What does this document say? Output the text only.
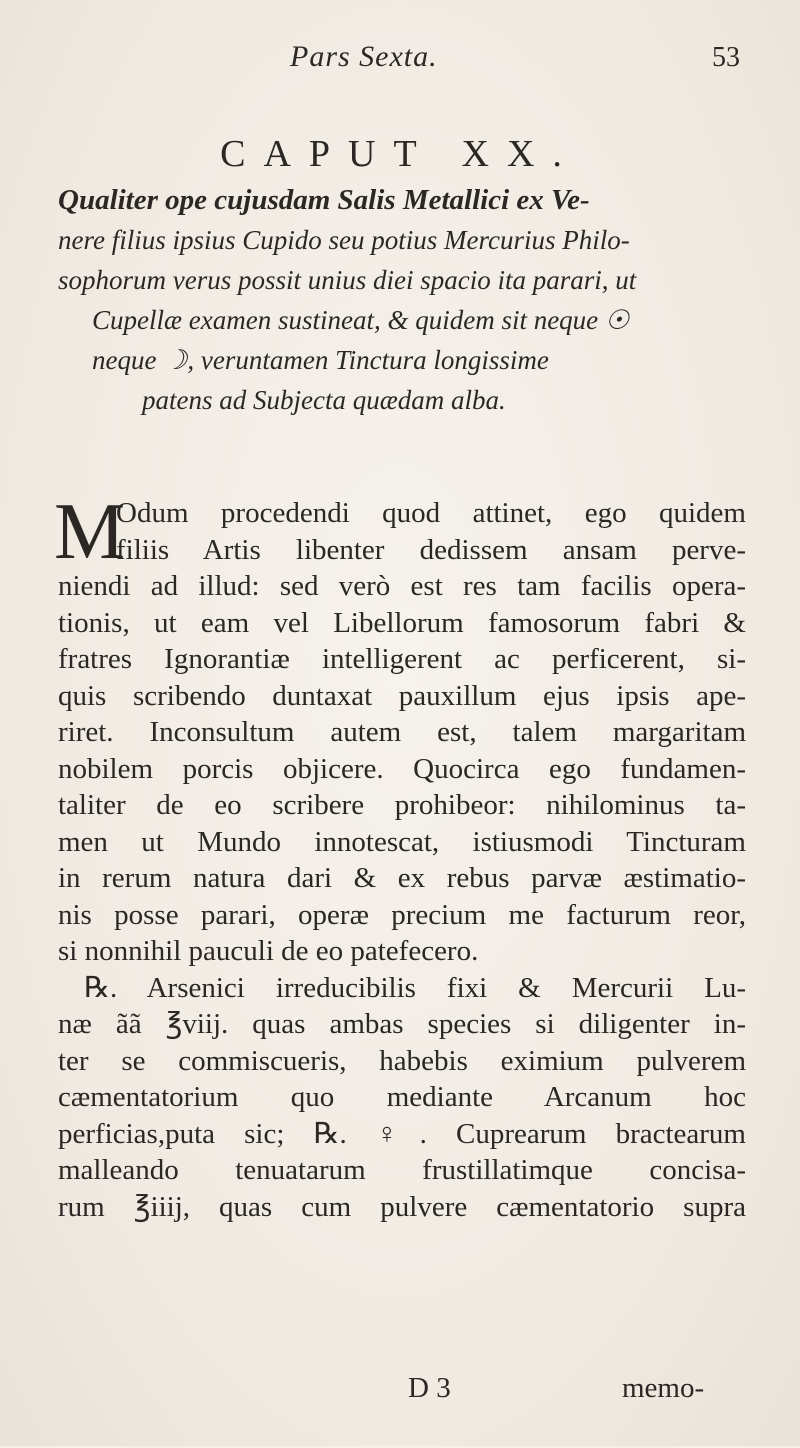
Pars Sexta.	53
CAPUT XX.
Qualiter ope cujusdam Salis Metallici ex Ve-
nere filius ipsius Cupido seu potius Mercurius Philo-
sophorum verus possit unius diei spacio ita parari, ut
Cupellæ examen sustineat, & quidem sit neque ☉
neque ☽, veruntamen Tinctura longissime
patens ad Subjecta quædam alba.
M
Odum procedendi quod attinet, ego quidem
filiis Artis libenter dedissem ansam perve-
niendi ad illud: sed verò est res tam facilis opera-
tionis, ut eam vel Libellorum famosorum fabri &
fratres Ignorantiæ intelligerent ac perficerent, si-
quis scribendo duntaxat pauxillum ejus ipsis ape-
riret. Inconsultum autem est, talem margaritam
nobilem porcis objicere. Quocirca ego fundamen-
taliter de eo scribere prohibeor: nihilominus ta-
men ut Mundo innotescat, istiusmodi Tincturam
in rerum natura dari & ex rebus parvæ æstimatio-
nis posse parari, operæ precium me facturum reor,
si nonnihil pauculi de eo patefecero.
℞. Arsenici irreducibilis fixi & Mercurii Lu-
næ ãã ℥viij. quas ambas species si diligenter in-
ter se commiscueris, habebis eximium pulverem
cæmentatorium quo mediante Arcanum hoc
perficias,puta sic; ℞. ♀. Cuprearum bractearum
malleando tenuatarum frustillatimque concisa-
rum ℥iiij, quas cum pulvere cæmentatorio supra
D 3	memo-
